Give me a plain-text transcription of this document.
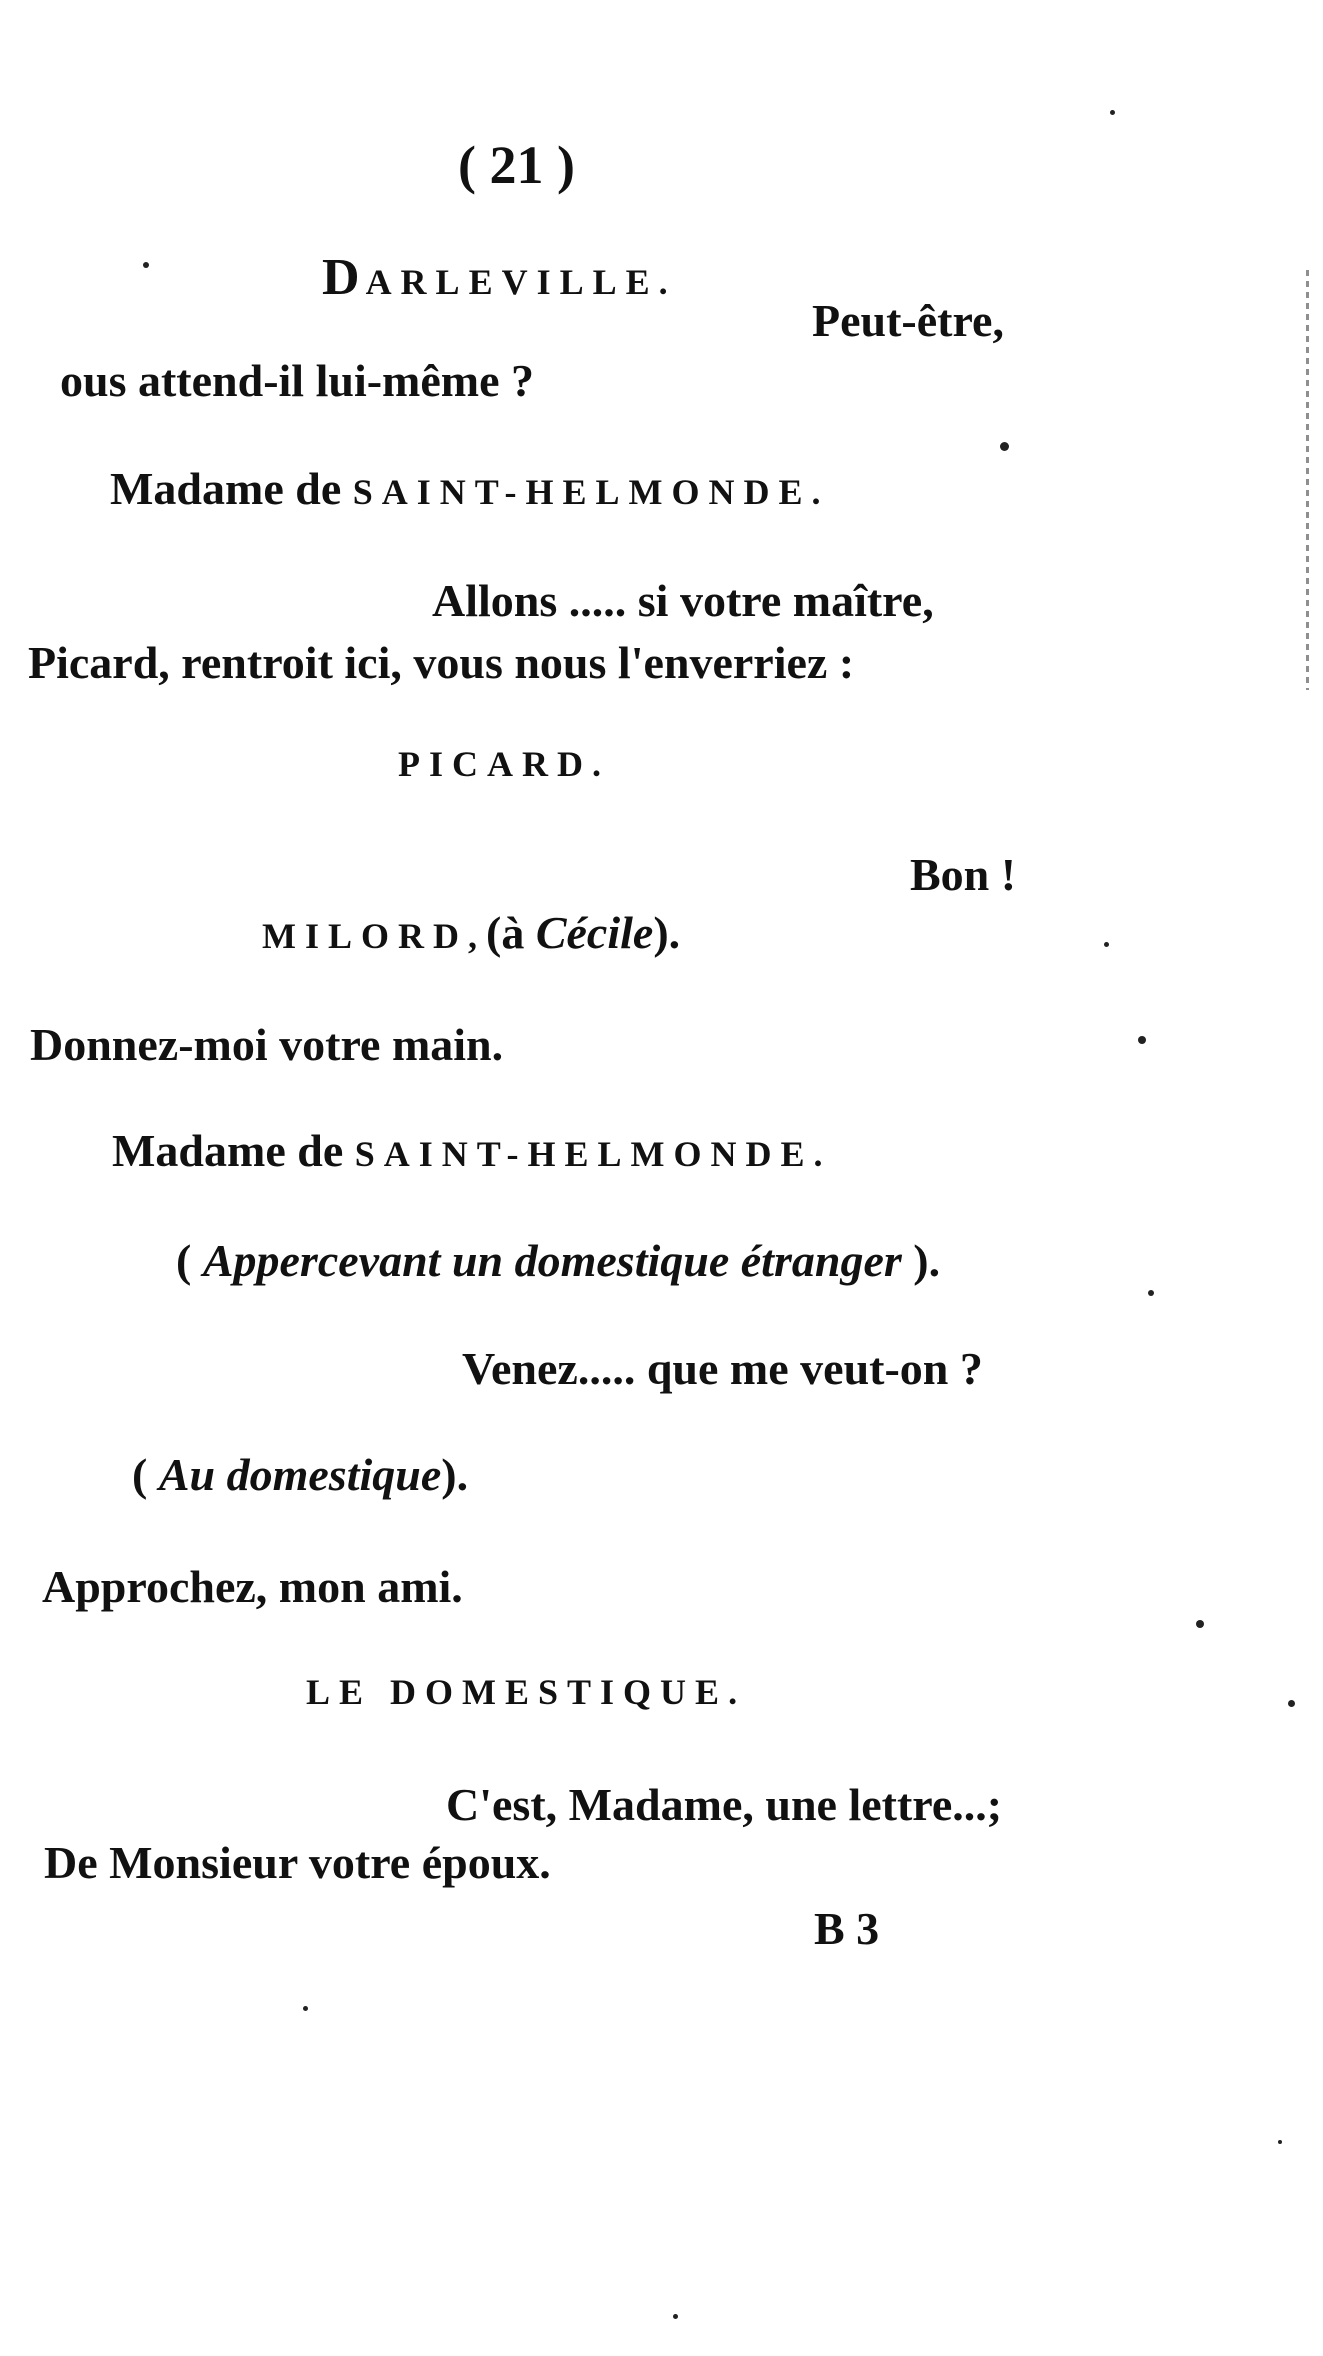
( 21 )
DARLEVILLE.
Peut-être,
ous attend-il lui-même ?
Madame de SAINT-HELMONDE.
Allons ..... si votre maître,
Picard, rentroit ici, vous nous l'enverriez :
PICARD.
Bon !
MILORD,(à Cécile).
Donnez-moi votre main.
Madame de SAINT-HELMONDE.
( Appercevant un domestique étranger ).
Venez..... que me veut-on ?
( Au domestique).
Approchez, mon ami.
LE DOMESTIQUE.
C'est, Madame, une lettre...;
De Monsieur votre époux.
B 3
